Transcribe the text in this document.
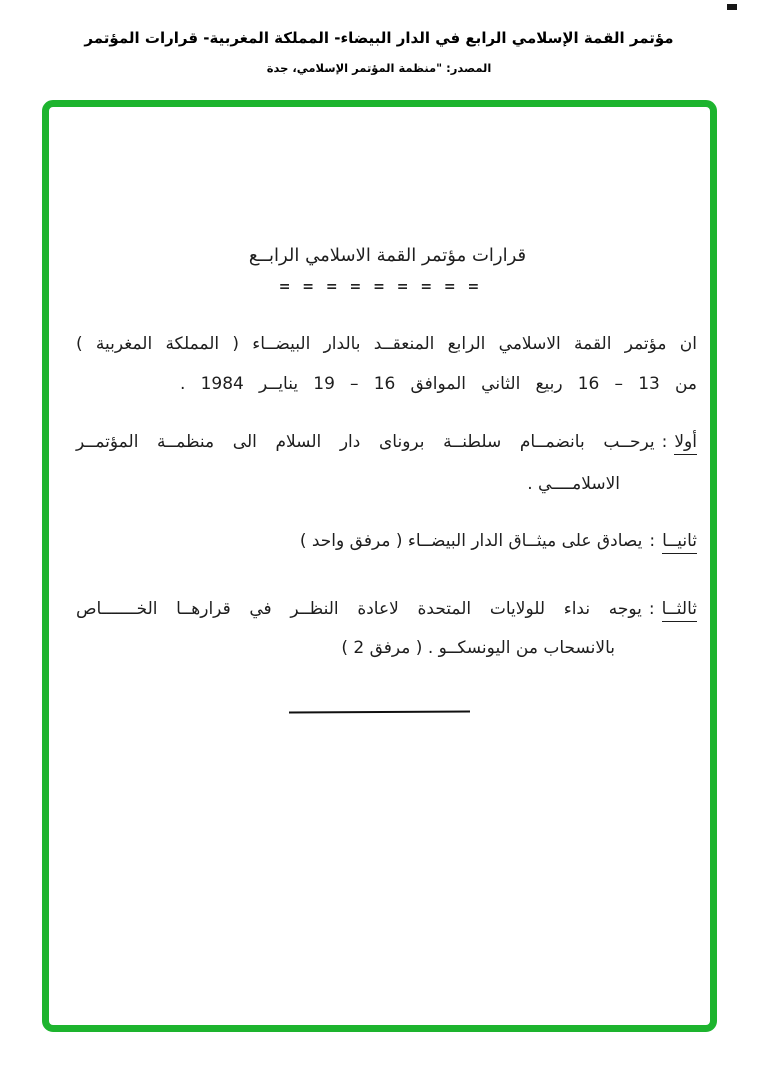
مؤتمر القمة الإسلامي الرابع في الدار البيضاء- المملكة المغربية- قرارات المؤتمر
المصدر: "منظمة المؤتمر الإسلامي، جدة
قرارات مؤتمر القمة الاسلامي الرابــع
= = = = = = = = =
ان مؤتمر القمة الاسلامي الرابع المنعقــد بالدار البيضــاء ( المملكة المغربية )
من 13 – 16 ربيع الثاني الموافق 16 – 19 ينايــر 1984 .
أولا:يرحــب بانضمــام سلطنــة بروناى دار السلام الى منظمــة المؤتمــر
الاسلامــــي .
ثانيــا:يصادق على ميثــاق الدار البيضــاء ( مرفق واحد )
ثالثــا:يوجه نداء للولايات المتحدة لاعادة النظــر في قرارهــا الخـــــــاص
بالانسحاب من اليونسكــو . ( مرفق 2 )
